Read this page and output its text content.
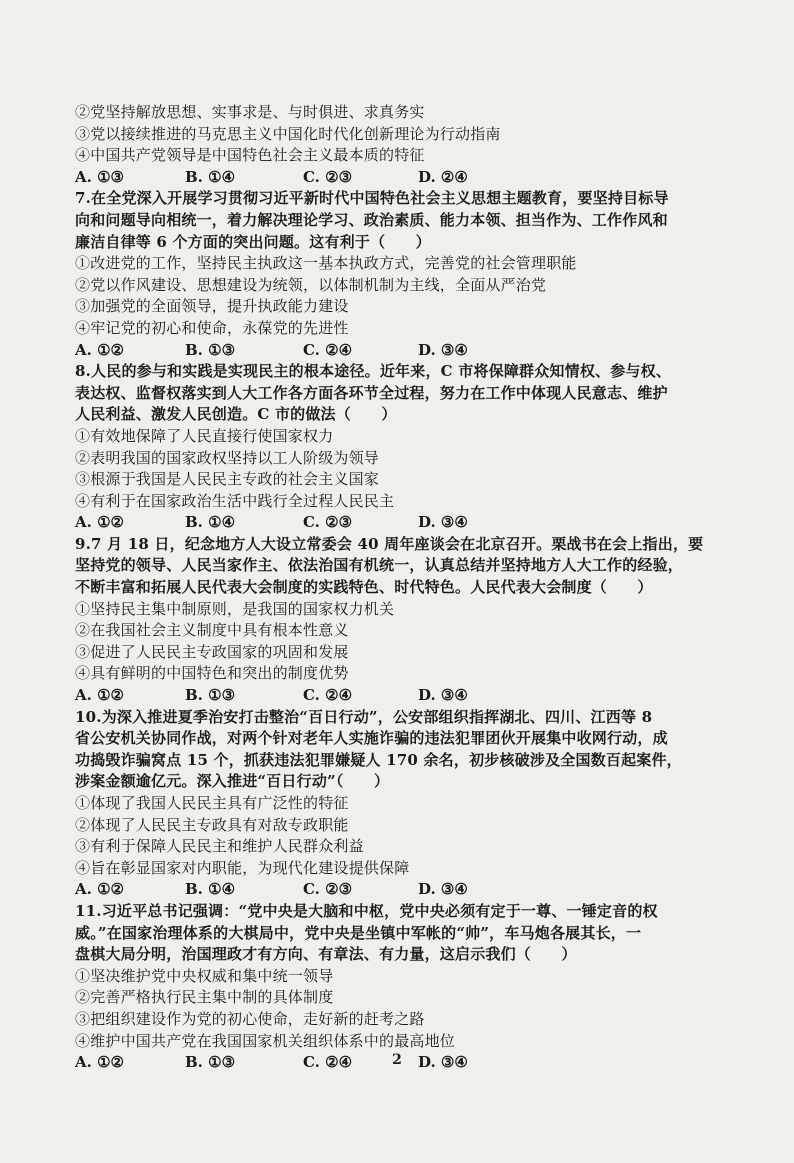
②党坚持解放思想、实事求是、与时俱进、求真务实
③党以接续推进的马克思主义中国化时代化创新理论为行动指南
④中国共产党领导是中国特色社会主义最本质的特征
A. ①③	B. ①④	C. ②③	D. ②④
7.在全党深入开展学习贯彻习近平新时代中国特色社会主义思想主题教育，要坚持目标导
向和问题导向相统一，着力解决理论学习、政治素质、能力本领、担当作为、工作作风和
廉洁自律等 6 个方面的突出问题。这有利于（　　）
①改进党的工作，坚持民主执政这一基本执政方式，完善党的社会管理职能
②党以作风建设、思想建设为统领，以体制机制为主线，全面从严治党
③加强党的全面领导，提升执政能力建设
④牢记党的初心和使命，永葆党的先进性
A. ①②	B. ①③	C. ②④	D. ③④
8.人民的参与和实践是实现民主的根本途径。近年来，C 市将保障群众知情权、参与权、
表达权、监督权落实到人大工作各方面各环节全过程，努力在工作中体现人民意志、维护
人民利益、激发人民创造。C 市的做法（　　）
①有效地保障了人民直接行使国家权力
②表明我国的国家政权坚持以工人阶级为领导
③根源于我国是人民民主专政的社会主义国家
④有利于在国家政治生活中践行全过程人民民主
A. ①②	B. ①④	C. ②③	D. ③④
9.7 月 18 日，纪念地方人大设立常委会 40 周年座谈会在北京召开。栗战书在会上指出，要
坚持党的领导、人民当家作主、依法治国有机统一，认真总结并坚持地方人大工作的经验，
不断丰富和拓展人民代表大会制度的实践特色、时代特色。人民代表大会制度（　　）
①坚持民主集中制原则，是我国的国家权力机关
②在我国社会主义制度中具有根本性意义
③促进了人民民主专政国家的巩固和发展
④具有鲜明的中国特色和突出的制度优势
A. ①②	B. ①③	C. ②④	D. ③④
10.为深入推进夏季治安打击整治“百日行动”，公安部组织指挥湖北、四川、江西等 8
省公安机关协同作战，对两个针对老年人实施诈骗的违法犯罪团伙开展集中收网行动，成
功捣毁诈骗窝点 15 个，抓获违法犯罪嫌疑人 170 余名，初步核破涉及全国数百起案件，
涉案金额逾亿元。深入推进“百日行动”（　　）
①体现了我国人民民主具有广泛性的特征
②体现了人民民主专政具有对敌专政职能
③有利于保障人民民主和维护人民群众利益
④旨在彰显国家对内职能，为现代化建设提供保障
A. ①②	B. ①④	C. ②③	D. ③④
11.习近平总书记强调：“党中央是大脑和中枢，党中央必须有定于一尊、一锤定音的权
威。”在国家治理体系的大棋局中，党中央是坐镇中军帐的“帅”，车马炮各展其长，一
盘棋大局分明，治国理政才有方向、有章法、有力量，这启示我们（　　）
①坚决维护党中央权威和集中统一领导
②完善严格执行民主集中制的具体制度
③把组织建设作为党的初心使命，走好新的赶考之路
④维护中国共产党在我国国家机关组织体系中的最高地位
A. ①②	B. ①③	C. ②④	D. ③④
2
